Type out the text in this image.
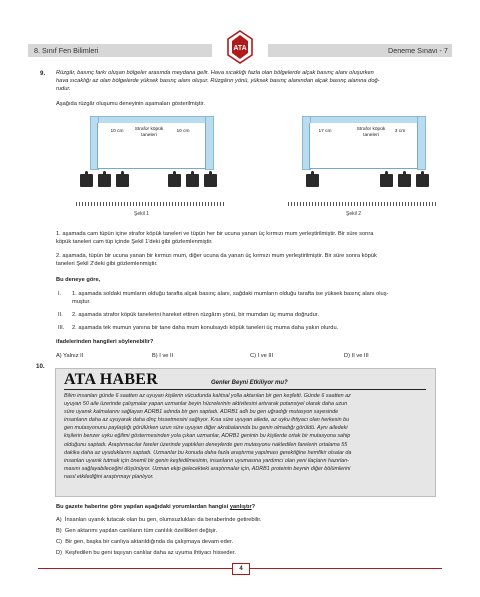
8. Sınıf Fen Bilimleri	Deneme Sınavı - 7
ATA
9. Rüzgâr, basınç farkı oluşan bölgeler arasında meydana gelir. Hava sıcaklığı fazla olan bölgelerde alçak basınç alanı oluşurken
hava sıcaklığı az olan bölgelerde yüksek basınç alanı oluşur. Rüzgârın yönü, yüksek basınç alanından alçak basınç alanına doğ-
rudur.
Aşağıda rüzgâr oluşumu deneyinin aşamaları gösterilmiştir.
10 cm	Strafor köpük
taneleri
10 cm
Şekil 1
17 cm	Strafor köpük
taneleri
3 cm
Şekil 2
1. aşamada cam tüpün içine strafor köpük taneleri ve tüpün her bir ucuna yanan üç kırmızı mum yerleştirilmiştir. Bir süre sonra
köpük taneleri cam tüp içinde Şekil 1'deki gibi gözlemlenmiştir.
2. aşamada, tüpün bir ucuna yanan bir kırmızı mum, diğer ucuna da yanan üç kırmızı mum yerleştirilmiştir. Bir süre sonra köpük
taneleri Şekil 2'deki gibi gözlemlenmiştir.
Bu deneye göre,
I. 1. aşamada soldaki mumların olduğu tarafta alçak basınç alanı, sağdaki mumların olduğu tarafta ise yüksek basınç alanı oluş-
muştur.
II. 2. aşamada strafor köpük tanelerini hareket ettiren rüzgârın yönü, bir mumdan üç muma doğrudur.
III. 2. aşamada tek mumun yanına bir tane daha mum konulsaydı köpük taneleri üç muma daha yakın olurdu.
ifadelerinden hangileri söylenebilir?
A) Yalnız II	B) I ve II	C) I ve III	D) II ve III
10.
ATA HABER	Genler Beyni Etkiliyor mu?
Bilim insanları günde 6 saatten az uyuyan kişilerin vücudunda kalıtsal yolla aktarılan bir gen keşfetti. Günde 6 saatten az
uyuyan 50 aile üzerinde çalışmalar yapan uzmanlar beyin hücrelerinin aktivitesini artırarak potansiyel olarak daha uzun
süre uyanık kalmalarını sağlayan ADRB1 adında bir gen saptadı. ADRB1 adlı bu gen uğradığı mutasyon sayesinde
insanların daha az uyuyarak daha dinç hissetmesini sağlıyor. Kısa süre uyuyan ailede, az uyku ihtiyacı olan herkesin bu
gen mutasyonunu paylaştığı görülürken uzun süre uyuyan diğer akrabalarında bu genin olmadığı görüldü. Aynı ailedeki
kişilerin benzer uyku eğilimi göstermesinden yola çıkan uzmanlar, ADRB1 geninin bu kişilerde ortak bir mutasyona sahip
olduğunu saptadı. Araştırmacılar fareler üzerinde yaptıkları deneylerde gen mutasyonu nakledilen farelerin ortalama 55
dakika daha az uyuduklarını saptadı. Uzmanlar bu konuda daha fazla araştırma yapılması gerektiğine hemfikir olsalar da
insanları uyanık tutmak için önemli bir genin keşfedilmesinin, insanların uyumasına yardımcı olan yeni ilaçların hazırlan-
masını sağlayabileceğini düşünüyor. Uzman ekip gelecekteki araştırmalar için, ADRB1 proteinin beynin diğer bölümlerini
nasıl etkilediğini araştırmayı planlıyor.
Bu gazete haberine göre yapılan aşağıdaki yorumlardan hangisi yanlıştır?
A) İnsanları uyanık tutacak olan bu gen, olumsuzlukları da beraberinde getirebilir.
B) Gen aktarımı yapılan canlıların tüm canlılık özellikleri değişir.
C) Bir gen, başka bir canlıya aktarıldığında da çalışmaya devam eder.
D) Keşfedilen bu geni taşıyan canlılar daha az uyuma ihtiyacı hisseder.
4
